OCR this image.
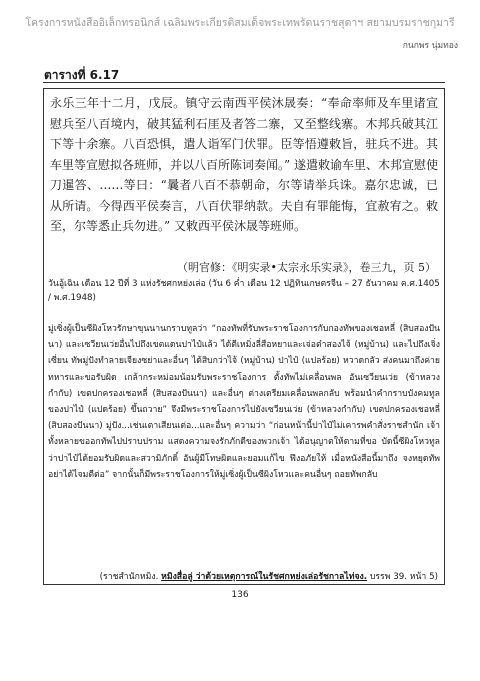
โครงการหนังสืออิเล็กทรอนิกส์ เฉลิมพระเกียรติสมเด็จพระเทพรัตนราชสุดาฯ สยามบรมราชกุมารี
กนกพร นุ่มทอง
ตารางที่ 6.17

永乐三年十二月，戊辰。镇守云南西平侯沐晟奏：“奉命率师及车里诸宣慰兵至八百境内，破其猛利石厓及者答二寨，又至整线寨。木邦兵破其江下等十余寨。八百恐惧，遣人诣军门伏罪。臣等悟遵敕旨，驻兵不进。其车里等宣慰拟各班师，并以八百所陈词奏闻。” 遂遣敕谕车里、木邦宣慰使刀暹答、……等曰：“曩者八百不恭朝命，尔等请举兵诛。嘉尔忠诚，已从所请。今得西平侯奏言，八百伏罪纳款。夫自有罪能悔，宜赦宥之。敕至，尔等悉止兵勿进。” 又敕西平侯沐晟等班师。

（明官修：《明实录•太宗永乐实录》，卷三九，页 5）

วันอู้เฉิน เดือน 12 ปีที่ 3 แห่งรัชศกหย่งเล่อ (วัน 6 ค่ำ เดือน 12 ปฏิทินเกษตรจีน – 27 ธันวาคม ค.ศ.1405 / พ.ศ.1948)

มู่เซิ่งผู้เป็นซีผิงโหวรักษาขุนนานกราบทูลว่า “กองทัพที่รับพระราชโองการกับกองทัพของเชอหลี่ (สิบสองปันนา) และเซวียนเว่ยอื่นไปถึงเขตแดนปาไป๋แล้ว ได้ตีเหมิ่งลี่สือหยาและเจ่อต๋าสองไจ้ (หมู่บ้าน) และไปถึงเจิ่งเซี่ยน ทัพมู่ปังทำลายเจียงซย่าและอื่นๆ ได้สิบกว่าไจ้ (หมู่บ้าน) ปาไป๋ (แปลร้อย) หวาดกลัว ส่งคนมาถึงค่ายทหารและขอรับผิด เกล้ากระหม่อมน้อมรับพระราชโองการ ตั้งทัพไม่เคลื่อนพล อันเซวียนเว่ย (ข้าหลวงกำกับ) เขตปกครองเชอหลี่ (สิบสองปันนา) และอื่นๆ ต่างเตรียมเคลื่อนพลกลับ พร้อมนำคำกราบบังคมทูลของปาไป๋ (แปดร้อย) ขึ้นถวาย” จึงมีพระราชโองการไปยังเซวียนเว่ย (ข้าหลวงกำกับ) เขตปกครองเชอหลี่ (สิบสองปันนา) มู่ปัง...เช่นเตาเสียนเต่อ...และอื่นๆ ความว่า “ก่อนหน้านี้ปาไป๋ไม่เคารพคำสั่งราชสำนัก เจ้าทั้งหลายขออกทัพไปปราบปราม แสดงความจงรักภักดีของพวกเจ้า ได้อนุญาตให้ตามที่ขอ บัดนี้ซีผิงโหวทูลว่าปาไป๋ได้ยอมรับผิดและสวามิภักดิ์ อันผู้มีโทษผิดและยอมแก้ไข ฟึงอภัยให้ เมื่อหนังสือนี้มาถึง จงหยุดทัพอย่าได้ไจมตีต่อ” จากนั้นก็มีพระราชโองการให้มู่เซิ่งผู้เป็นซีผิงโหวและคนอื่นๆ ถอยทัพกลับ

(ราชสำนักหมิง. หมิงสื่อลู่ ว่าด้วยเหตุการณ์ในรัชศกหย่งเล่อรัชกาลไท่จง. บรรพ 39. หน้า 5)
136
